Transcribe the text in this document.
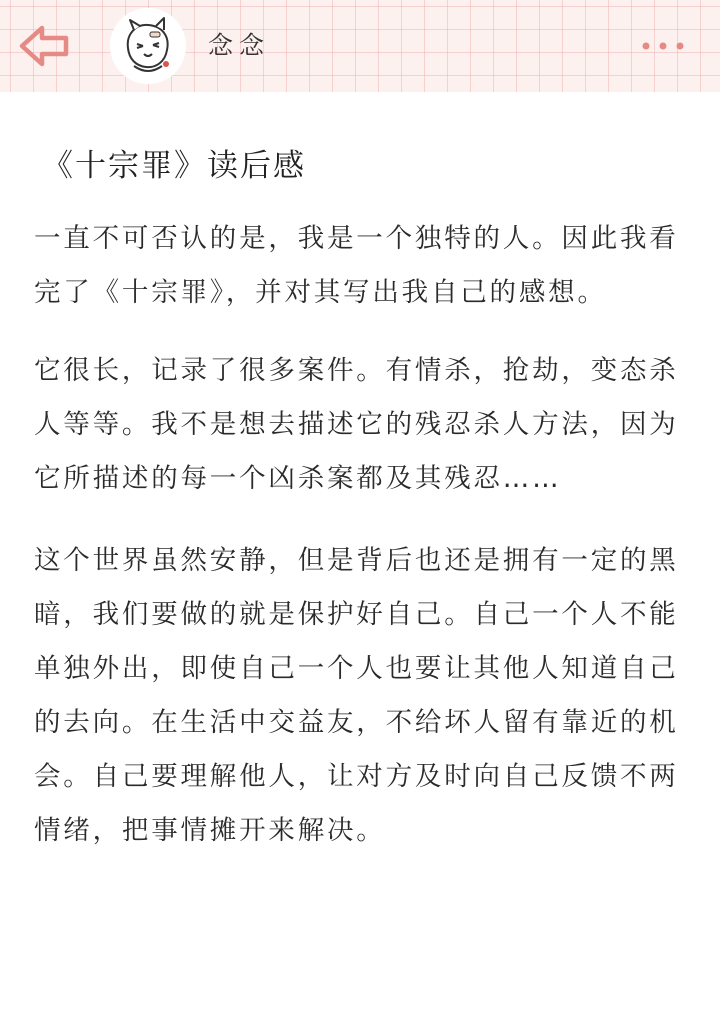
念念
《十宗罪》读后感

一直不可否认的是，我是一个独特的人。因此我看完了《十宗罪》，并对其写出我自己的感想。

它很长，记录了很多案件。有情杀，抢劫，变态杀人等等。我不是想去描述它的残忍杀人方法，因为它所描述的每一个凶杀案都及其残忍……

这个世界虽然安静，但是背后也还是拥有一定的黑暗，我们要做的就是保护好自己。自己一个人不能单独外出，即使自己一个人也要让其他人知道自己的去向。在生活中交益友，不给坏人留有靠近的机会。自己要理解他人，让对方及时向自己反馈不两情绪，把事情摊开来解决。
